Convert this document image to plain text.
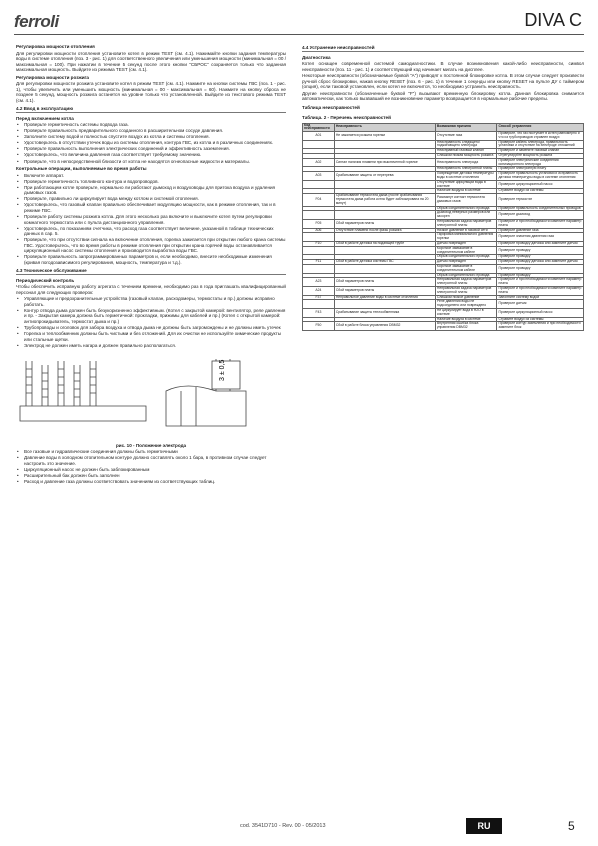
ferroli	DIVA C
Регулировка мощности отопления

Для регулировки мощности отопления установите котел в режим TEST (см. 4.1). Нажимайте кнопки задания температуры воды в системе отопления (поз. 3 - рис. 1) для соответственного увеличения или уменьшения мощности (минимальная = 00 / максимальная = 100). При нажатии в течение 5 секунд после этого кнопки "СБРОС" сохраняется только что заданная максимальная мощность. Выйдите из режима TEST (см. 4.1).

Регулировка мощности розжига

Для регулировки мощности розжига установите котел в режим TEST (см. 4.1). Нажмите на кнопки системы ГВС (поз. 1 - рис. 1), чтобы увеличить или уменьшить мощность (минимальная = 00 - максимальная = 60). Нажмите на кнопку сброса не позднее 5 секунд, мощность розжига останется на уровне только что установленной. Выйдите из текстового режима TEST (см. 4.1).

4.2 Ввод в эксплуатацию
Перед включением котла
• Проверьте герметичность системы подвода газа.
• Проверьте правильность предварительного созданного в расширительном сосуде давления.
• Заполните систему водой и полностью спустите воздух из котла и системы отопления.
• Удостоверьтесь в отсутствии утечек воды из системы отопления, контура ГВС, из котла и в различных соединениях.
• Проверьте правильность выполнения электрических соединений и эффективность заземления.
• Удостоверьтесь, что величина давления газа соответствует требуемому значению.
• Проверьте, что в непосредственной близости от котла не находятся огнеопасные жидкости и материалы.
Контрольные операции, выполняемые во время работы
• Включите аппарат.
• Проверьте герметичность топливного контура и водопроводов.
• При работающем котле проверьте, нормально ли работают дымоход и воздуховоды для притока воздуха и удаления дымовых газов.
• Проверьте, правильно ли циркулирует вода между котлом и системой отопления.
• Удостоверьтесь, что газовый клапан правильно обеспечивает модуляцию мощности, как в режиме отопления, так и в режиме ГВС.
• Проверьте работу системы розжига котла. Для этого несколько раз включите и выключите котел путем регулировки комнатного термостата или с пульта дистанционного управления.
• Удостоверьтесь, по показаниям счетчика, что расход газа соответствует величине, указанной в таблице технических данных в сар. 5.
• Проверьте, что при отсутствии сигнала на включение отопления, горелка зажигается при открытии любого крана системы ГВС. Удостоверьтесь, что во время работы в режиме отопления при открытии крана горячей воды останавливается циркуляционный насос системы отопления и производится выработка воды ГВС.
• Проверьте правильность запрограммированных параметров и, если необходимо, внесите необходимые изменения (кривая погодозависимого регулирования, мощность, температура и т.д.).
4.3 Техническое обслуживание
Периодический контроль

Чтобы обеспечить исправную работу агрегата с течением времени, необходимо раз в года приглашать квалифицированный персонал для следующих проверок:

• Управляющие и предохранительные устройства (газовый клапан, расходомеры, термостаты и пр.) должны исправно работать.
• Контур отвода дыма должен быть безукоризненно эффективным. (Котел с закрытой камерой: вентилятор, реле давления и пр. - Закрытая камера должна быть герметичной: прокладки, прижимы для кабелей и пр.) (Котел с открытой камерой: антиопрокидыватель, термостат дыма и пр.)
• Трубопроводы и оголовок для забора воздуха и отвода дыма не должны быть загромождены и не должны иметь утечек
• Горелка и теплообменник должны быть чистыми и без отложений. Для их очистки не используйте химические продукты или стальные щетки.
• Электрод не должен иметь нагара и должен правильно располагаться.
3 ± 0,5
рис. 10 - Положение электрода
• Все газовые и гидравлические соединения должны быть герметичными
• Давление воды в холодном отопительном контуре должно составлять около 1 бара, в противном случае следует настроить это значение.
• Циркуляционный насос не должен быть заблокированным
• Расширительный бак должен быть заполнен
• Расход и давление газа должны соответствовать значениям из соответствующих таблиц.
4.4 Устранение неисправностей
Диагностика

Котел оснащен современной системой самодиагностики. В случае возникновения какой-либо неисправности, символ неисправности (поз. 11 - рис. 1) и соответствующий код начинает мигать на дисплее.

Некоторые неисправности (обозначаемые буквой "A") приводят к постоянной блокировке котла. В этом случае следует произвести ручной сброс блокировки, нажав кнопку RESET (поз. 6 - рис. 1) в течение 1 секунды или кнопку RESET на пульте ДУ с таймером (опция), если таковой установлен, если котел не включится, то необходимо устранить неисправность.

Другие неисправности (обозначенные буквой "F") вызывают временную блокировку котла. Данная блокировка снимается автоматически, как только вызвавший ее возникновение параметр возвращается в нормальные рабочие пределы.

Таблица неисправностей
Таблица. 2 - Перечень неисправностей
Код неисправности	Неисправность	Возможная причина	Способ устранения
A01	Не зажигается розжига горелки	Отсутствие газа	Проверьте, что газ поступает в котел равномерно и что из трубопроводов стравлен воздух
		Неисправность следящего/поджигающего электрода	Проверьте кабель электрода, правильность установки и отсутствие на электроде отложений
		Неисправный газовый клапан	Проверьте и замените газовый клапан
		Слишком низкая мощность розжига	Отрегулируйте мощность розжига
A02	Сигнал наличия пламени при выключенной горелке	Неисправность электрода	Проверьте электрические соединения ионизационного электрода
		Неисправность электронной платы	Проверьте электронную плату
A03	Срабатывание защиты от перегрева	Повреждение датчика температуры воды в системе отопления	Проверьте правильность установки и исправность датчика температуры воды в системе отопления
		Отсутствие циркуляции воды в системе	Проверьте циркуляционный насос
		Наличие воздуха в системе	Стравите воздух из системы
F04	Срабатывание термостата дыма (после срабатывания термостата дыма работа котла будет заблокирована на 20 минут)	Разомкнут контакт термостата дымовых газов	Проверьте термостат
		Обрыв соединительного провода	Проверьте правильность соединительных проводов
		Дымоход неверных размеров или засорен	Проверьте дымоход
F05	Сбой параметров платы	Неправильная задача параметров электронной платы	Проверьте и при необходимости измените параметр платы
A06	Отсутствие пламени после фазы розжига	Низкое давление в газовой сети	Проверьте давление газа
		Тарировка минимального давления горелки	Проверьте значения давления газа
F10	Сбой в работе датчика на подающей трубе	Датчик поврежден	Проверьте проводку датчика или замените датчик
		Короткое замыкание в соединительном кабеле	Проверьте проводку
		Обрыв соединительного провода	Проверьте проводку
F11	Сбой в работе датчика системы ГВС	Датчик поврежден	Проверьте проводку датчика или замените датчик
		Короткое замыкание в соединительном кабеле	Проверьте проводку
		Обрыв соединительного провода	Проверьте проводку
A23	Сбой параметров платы	Неправильная задача параметров электронной платы	Проверьте и при необходимости измените параметр платы
A24	Сбой параметров платы	Неправильная задача параметров электронной платы	Проверьте и при необходимости измените параметр платы
F37	Неправильное давление воды в системе отопления	Слишком низкое давление	Заполните систему водой
		Реле давления воды не подсоединено или повреждено	Проверьте датчик
F43	Срабатывание защиты теплообменника	Не циркулирует вода в H2O в системе	Проверьте циркуляционный насос
		Наличие воздуха в системе	Стравите воздух из системы
F50	Сбой в работе блока управления DBM32	Внутренняя ошибка блока управления DBM32	Проверьте контур заземления и при необходимости замените блок
cod. 3541D710 - Rev. 00 - 05/2013	RU	5
